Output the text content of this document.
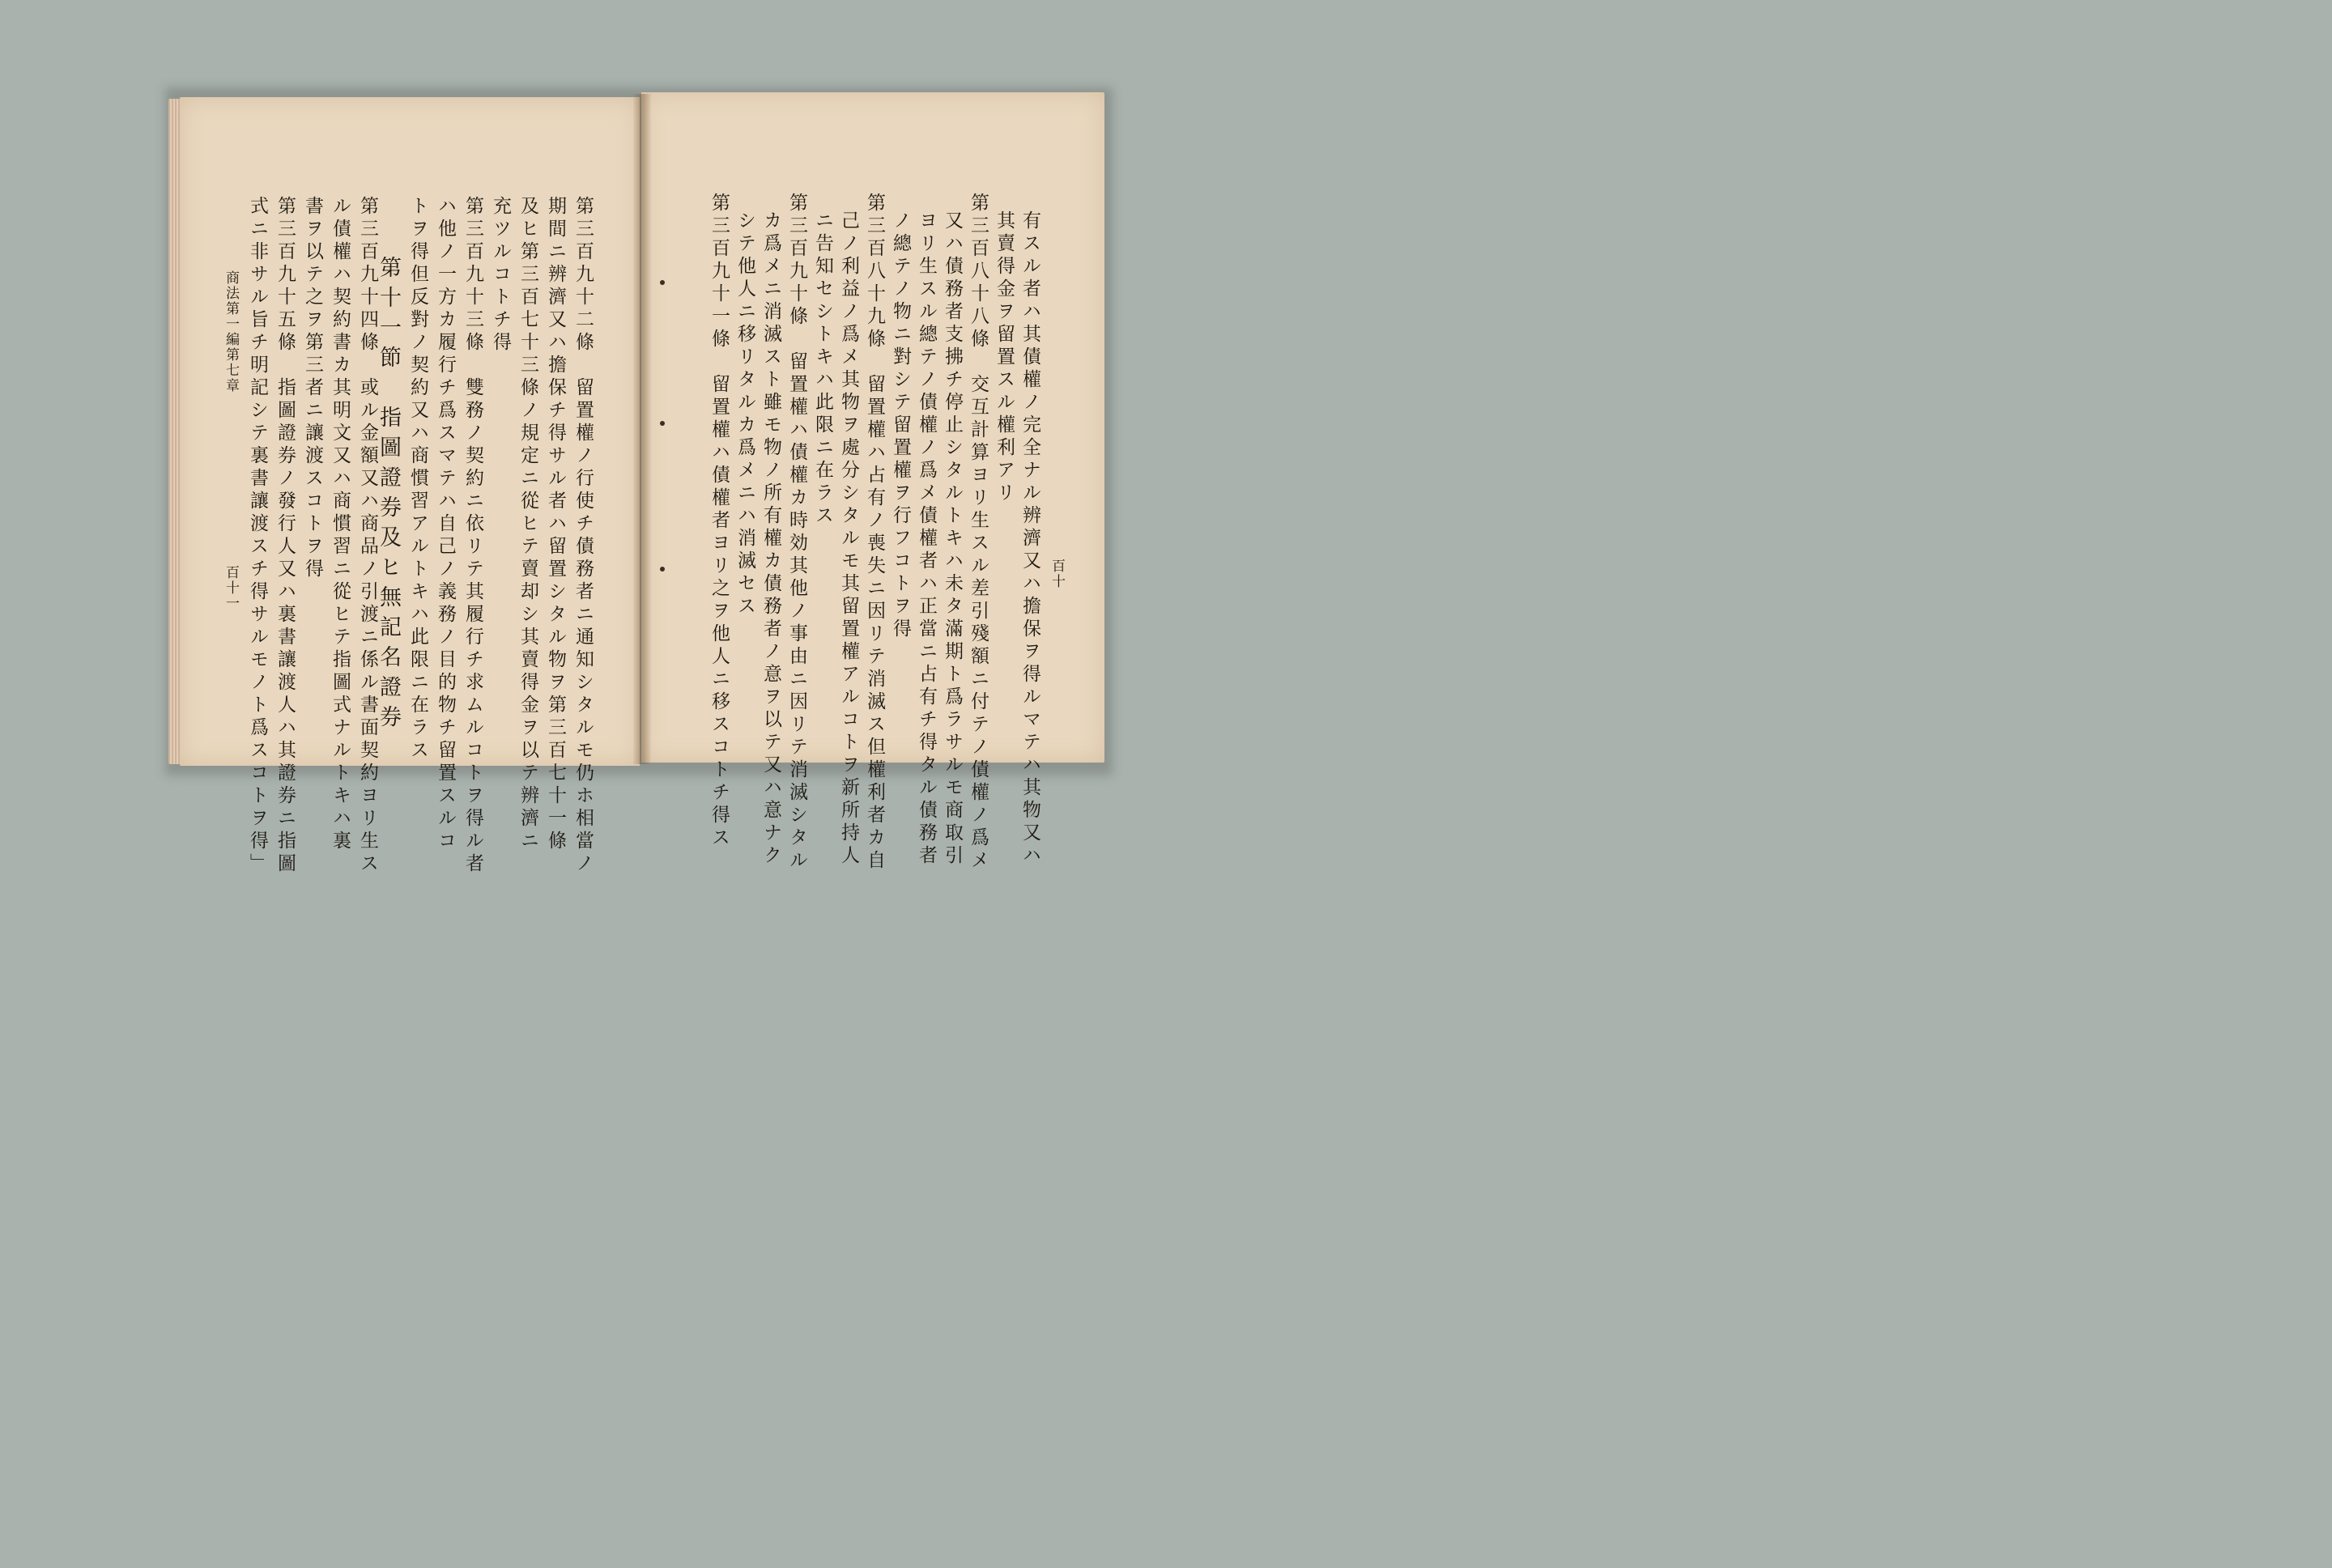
第三百九十二條　留置權ノ行使チ債務者ニ通知シタルモ仍ホ相當ノ
期間ニ辨濟又ハ擔保チ得サル者ハ留置シタル物ヲ第三百七十一條
及ヒ第三百七十三條ノ規定ニ從ヒテ賣却シ其賣得金ヲ以テ辨濟ニ
充ツルコトチ得
第三百九十三條　雙務ノ契約ニ依リテ其履行チ求ムルコトヲ得ル者
ハ他ノ一方カ履行チ爲スマテハ自己ノ義務ノ目的物チ留置スルコ
トヲ得但反對ノ契約又ハ商慣習アルトキハ此限ニ在ラス
第十一節　指圖證券及ヒ無記名證券
第三百九十四條　或ル金額又ハ商品ノ引渡ニ係ル書面契約ヨリ生ス
ル債權ハ契約書カ其明文又ハ商慣習ニ從ヒテ指圖式ナルトキハ裏
書ヲ以テ之ヲ第三者ニ讓渡スコトヲ得
第三百九十五條　指圖證券ノ發行人又ハ裏書讓渡人ハ其證券ニ指圖
式ニ非サル旨チ明記シテ裏書讓渡スチ得サルモノト爲スコトヲ得」
商法第一編第七章
百十一	有スル者ハ其債權ノ完全ナル辨濟又ハ擔保ヲ得ルマテハ其物又ハ
其賣得金ヲ留置スル權利アリ
第三百八十八條　交互計算ヨリ生スル差引殘額ニ付テノ債權ノ爲メ
又ハ債務者支拂チ停止シタルトキハ未タ滿期ト爲ラサルモ商取引
ヨリ生スル總テノ債權ノ爲メ債權者ハ正當ニ占有チ得タル債務者
ノ總テノ物ニ對シテ留置權ヲ行フコトヲ得
第三百八十九條　留置權ハ占有ノ喪失ニ因リテ消滅ス但權利者カ自
己ノ利益ノ爲メ其物ヲ處分シタルモ其留置權アルコトヲ新所持人
ニ告知セシトキハ此限ニ在ラス
第三百九十條　留置權ハ債權カ時効其他ノ事由ニ因リテ消滅シタル
カ爲メニ消滅スト雖モ物ノ所有權カ債務者ノ意ヲ以テ又ハ意ナク
シテ他人ニ移リタルカ爲メニハ消滅セス
第三百九十一條　留置權ハ債權者ヨリ之ヲ他人ニ移スコトチ得ス	百十
